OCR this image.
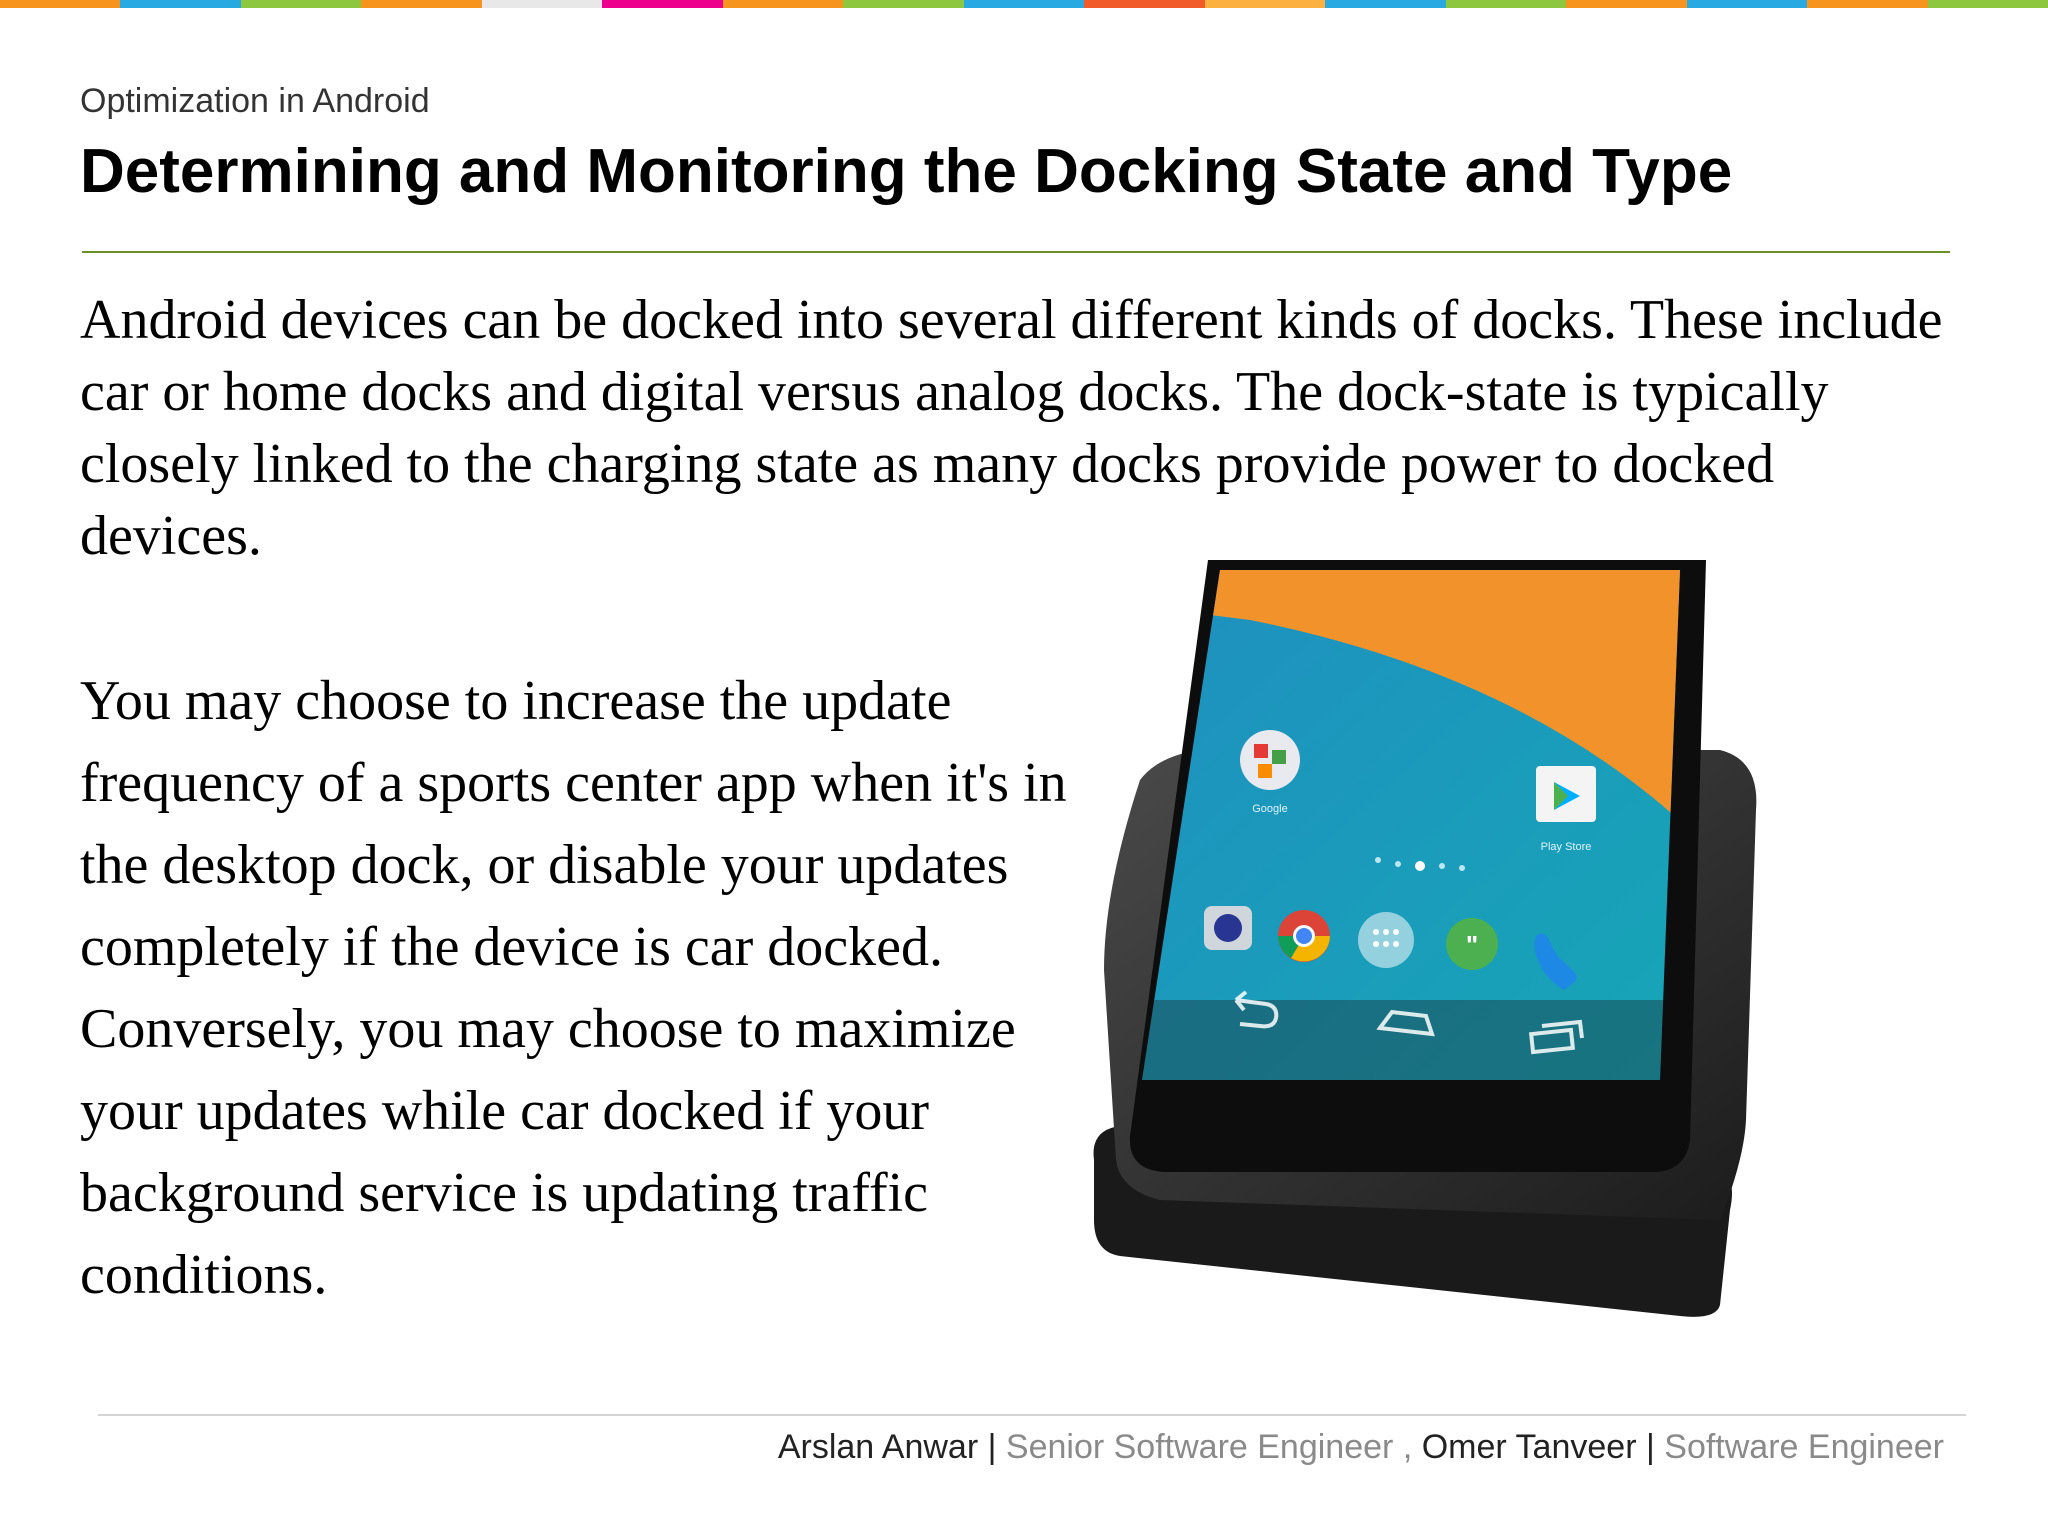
Optimization in Android
Determining and Monitoring the Docking State and Type

Android devices can be docked into several different kinds of docks. These include car or home docks and digital versus analog docks. The dock-state is typically closely linked to the charging state as many docks provide power to docked devices.

You may choose to increase the update
frequency of a sports center app when it's in
the desktop dock, or disable your updates
completely if the device is car docked.
Conversely, you may choose to maximize
your updates while car docked if your
background service is updating traffic
conditions.
Google
Play Store
"
Arslan Anwar | Senior Software Engineer , Omer Tanveer | Software Engineer
